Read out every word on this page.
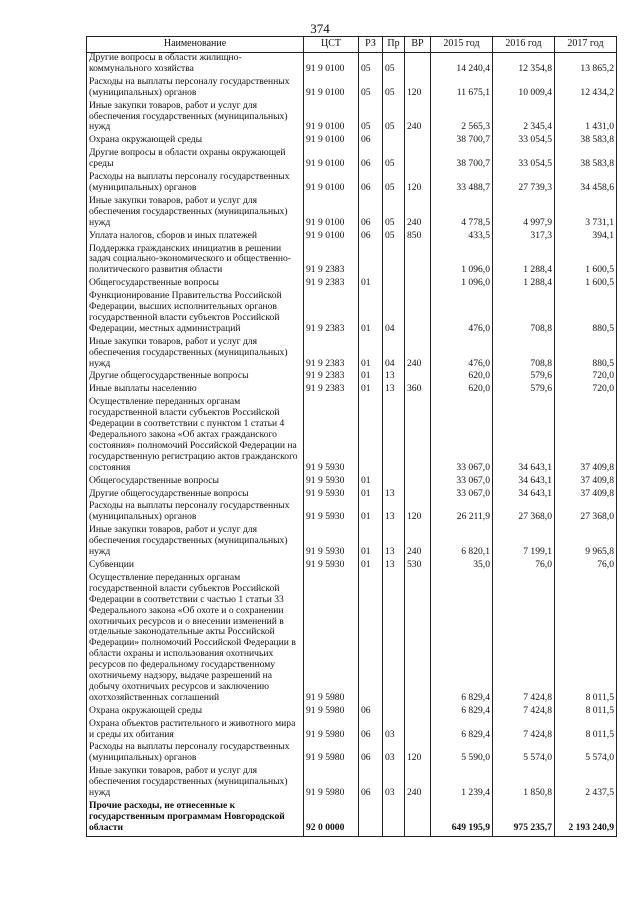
374
Наименование	ЦСТ	РЗ	Пр	ВР	2015 год	2016 год	2017 год
Другие вопросы в области жилищно-коммунального хозяйства	91 9 0100	05	05		14 240,4	12 354,8	13 865,2
Расходы на выплаты персоналу государственных (муниципальных) органов	91 9 0100	05	05	120	11 675,1	10 009,4	12 434,2
Иные закупки товаров, работ и услуг для обеспечения государственных (муниципальных) нужд	91 9 0100	05	05	240	2 565,3	2 345,4	1 431,0
Охрана окружающей среды	91 9 0100	06			38 700,7	33 054,5	38 583,8
Другие вопросы в области охраны окружающей среды	91 9 0100	06	05		38 700,7	33 054,5	38 583,8
Расходы на выплаты персоналу государственных (муниципальных) органов	91 9 0100	06	05	120	33 488,7	27 739,3	34 458,6
Иные закупки товаров, работ и услуг для обеспечения государственных (муниципальных) нужд	91 9 0100	06	05	240	4 778,5	4 997,9	3 731,1
Уплата налогов, сборов и иных платежей	91 9 0100	06	05	850	433,5	317,3	394,1
Поддержка гражданских инициатив в решении задач социально-экономического и общественно-политического развития области	91 9 2383				1 096,0	1 288,4	1 600,5
Общегосударственные вопросы	91 9 2383	01			1 096,0	1 288,4	1 600,5
Функционирование Правительства Российской Федерации, высших исполнительных органов государственной власти субъектов Российской Федерации, местных администраций	91 9 2383	01	04		476,0	708,8	880,5
Иные закупки товаров, работ и услуг для обеспечения государственных (муниципальных) нужд	91 9 2383	01	04	240	476,0	708,8	880,5
Другие общегосударственные вопросы	91 9 2383	01	13		620,0	579,6	720,0
Иные выплаты населению	91 9 2383	01	13	360	620,0	579,6	720,0
Осуществление переданных органам государственной власти субъектов Российской Федерации в соответствии с пунктом 1 статьи 4 Федерального закона «Об актах гражданского состояния» полномочий Российской Федерации на государственную регистрацию актов гражданского состояния	91 9 5930				33 067,0	34 643,1	37 409,8
Общегосударственные вопросы	91 9 5930	01			33 067,0	34 643,1	37 409,8
Другие общегосударственные вопросы	91 9 5930	01	13		33 067,0	34 643,1	37 409,8
Расходы на выплаты персоналу государственных (муниципальных) органов	91 9 5930	01	13	120	26 211,9	27 368,0	27 368,0
Иные закупки товаров, работ и услуг для обеспечения государственных (муниципальных) нужд	91 9 5930	01	13	240	6 820,1	7 199,1	9 965,8
Субвенции	91 9 5930	01	13	530	35,0	76,0	76,0
Осуществление переданных органам государственной власти субъектов Российской Федерации в соответствии с частью 1 статьи 33 Федерального закона «Об охоте и о сохранении охотничьих ресурсов и о внесении изменений в отдельные законодательные акты Российской Федерации» полномочий Российской Федерации в области охраны и использования охотничьих ресурсов по федеральному государственному охотничьему надзору, выдаче разрешений на добычу охотничьих ресурсов и заключению охотхозяйственных соглашений	91 9 5980				6 829,4	7 424,8	8 011,5
Охрана окружающей среды	91 9 5980	06			6 829,4	7 424,8	8 011,5
Охрана объектов растительного и животного мира и среды их обитания	91 9 5980	06	03		6 829,4	7 424,8	8 011,5
Расходы на выплаты персоналу государственных (муниципальных) органов	91 9 5980	06	03	120	5 590,0	5 574,0	5 574,0
Иные закупки товаров, работ и услуг для обеспечения государственных (муниципальных) нужд	91 9 5980	06	03	240	1 239,4	1 850,8	2 437,5
Прочие расходы, не отнесенные к государственным программам Новгородской области	92 0 0000				649 195,9	975 235,7	2 193 240,9
